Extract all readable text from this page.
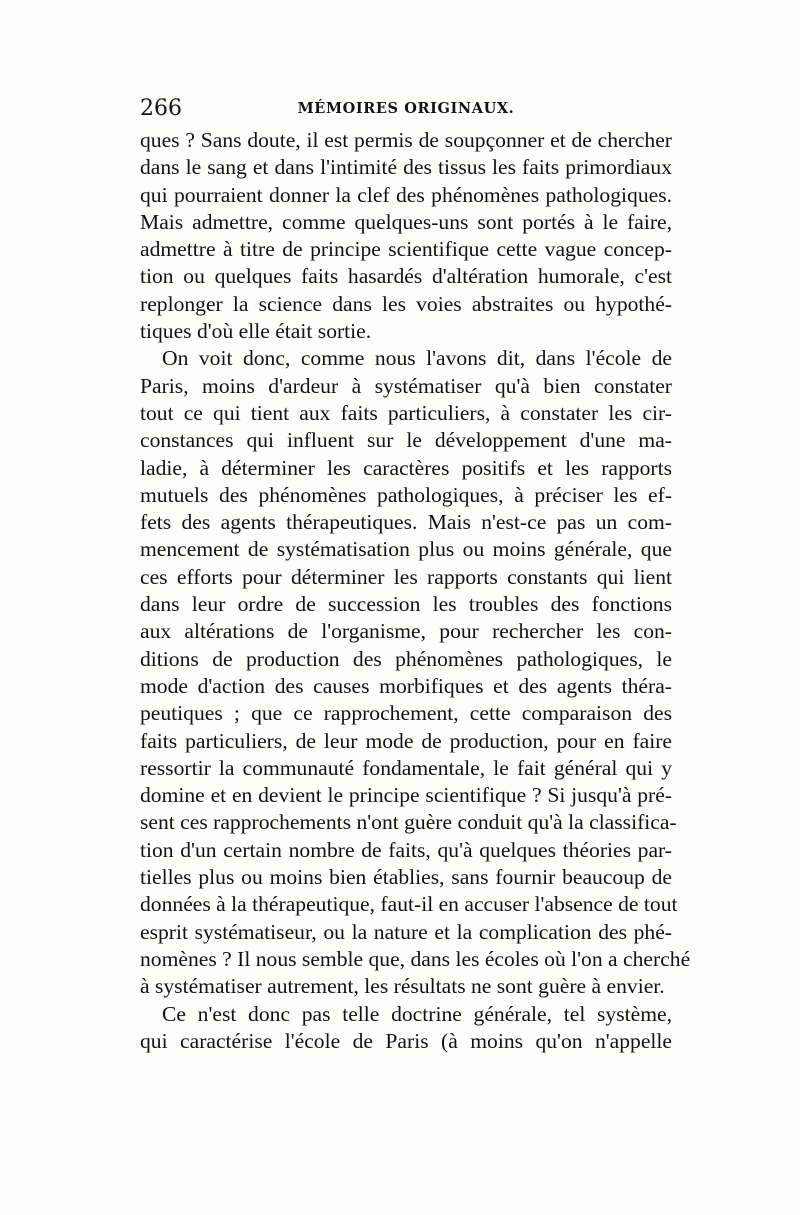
266	MÉMOIRES ORIGINAUX.
ques ? Sans doute, il est permis de soupçonner et de chercher
dans le sang et dans l'intimité des tissus les faits primordiaux
qui pourraient donner la clef des phénomènes pathologiques.
Mais admettre, comme quelques-uns sont portés à le faire,
admettre à titre de principe scientifique cette vague concep-
tion ou quelques faits hasardés d'altération humorale, c'est
replonger la science dans les voies abstraites ou hypothé-
tiques d'où elle était sortie.
On voit donc, comme nous l'avons dit, dans l'école de
Paris, moins d'ardeur à systématiser qu'à bien constater
tout ce qui tient aux faits particuliers, à constater les cir-
constances qui influent sur le développement d'une ma-
ladie, à déterminer les caractères positifs et les rapports
mutuels des phénomènes pathologiques, à préciser les ef-
fets des agents thérapeutiques. Mais n'est-ce pas un com-
mencement de systématisation plus ou moins générale, que
ces efforts pour déterminer les rapports constants qui lient
dans leur ordre de succession les troubles des fonctions
aux altérations de l'organisme, pour rechercher les con-
ditions de production des phénomènes pathologiques, le
mode d'action des causes morbifiques et des agents théra-
peutiques ; que ce rapprochement, cette comparaison des
faits particuliers, de leur mode de production, pour en faire
ressortir la communauté fondamentale, le fait général qui y
domine et en devient le principe scientifique ? Si jusqu'à pré-
sent ces rapprochements n'ont guère conduit qu'à la classifica-
tion d'un certain nombre de faits, qu'à quelques théories par-
tielles plus ou moins bien établies, sans fournir beaucoup de
données à la thérapeutique, faut-il en accuser l'absence de tout
esprit systématiseur, ou la nature et la complication des phé-
nomènes ? Il nous semble que, dans les écoles où l'on a cherché
à systématiser autrement, les résultats ne sont guère à envier.
Ce n'est donc pas telle doctrine générale, tel système,
qui caractérise l'école de Paris (à moins qu'on n'appelle
